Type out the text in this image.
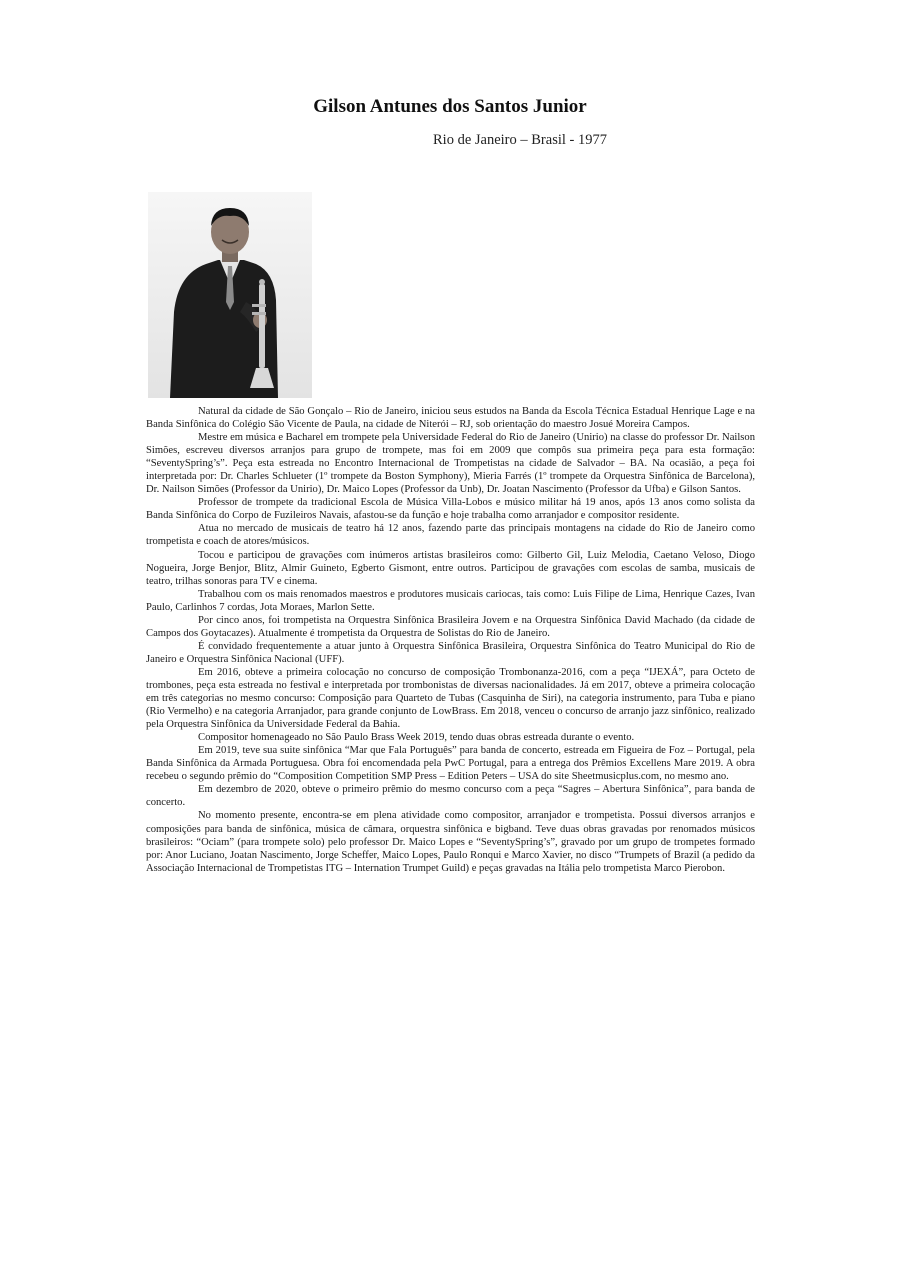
Gilson Antunes dos Santos Junior
Rio de Janeiro – Brasil - 1977

Natural da cidade de São Gonçalo – Rio de Janeiro, iniciou seus estudos na Banda da Escola Técnica Estadual Henrique Lage e na Banda Sinfônica do Colégio São Vicente de Paula, na cidade de Niterói – RJ, sob orientação do maestro Josué Moreira Campos.

Mestre em música e Bacharel em trompete pela Universidade Federal do Rio de Janeiro (Unirio) na classe do professor Dr. Nailson Simões, escreveu diversos arranjos para grupo de trompete, mas foi em 2009 que compôs sua primeira peça para esta formação: “SeventySpring’s”. Peça esta estreada no Encontro Internacional de Trompetistas na cidade de Salvador – BA. Na ocasião, a peça foi interpretada por: Dr. Charles Schlueter (1º trompete da Boston Symphony), Mieria Farrés (1º trompete da Orquestra Sinfônica de Barcelona), Dr. Nailson Simões (Professor da Unirio), Dr. Maico Lopes (Professor da Unb), Dr. Joatan Nascimento (Professor da Ufba) e Gilson Santos.

Professor de trompete da tradicional Escola de Música Villa-Lobos e músico militar há 19 anos, após 13 anos como solista da Banda Sinfônica do Corpo de Fuzileiros Navais, afastou-se da função e hoje trabalha como arranjador e compositor residente.

Atua no mercado de musicais de teatro há 12 anos, fazendo parte das principais montagens na cidade do Rio de Janeiro como trompetista e coach de atores/músicos.

Tocou e participou de gravações com inúmeros artistas brasileiros como: Gilberto Gil, Luiz Melodia, Caetano Veloso, Diogo Nogueira, Jorge Benjor, Blitz, Almir Guineto, Egberto Gismont, entre outros. Participou de gravações com escolas de samba, musicais de teatro, trilhas sonoras para TV e cinema.

Trabalhou com os mais renomados maestros e produtores musicais cariocas, tais como: Luis Filipe de Lima, Henrique Cazes, Ivan Paulo, Carlinhos 7 cordas, Jota Moraes, Marlon Sette.

Por cinco anos, foi trompetista na Orquestra Sinfônica Brasileira Jovem e na Orquestra Sinfônica David Machado (da cidade de Campos dos Goytacazes). Atualmente é trompetista da Orquestra de Solistas do Rio de Janeiro.

É convidado frequentemente a atuar junto à Orquestra Sinfônica Brasileira, Orquestra Sinfônica do Teatro Municipal do Rio de Janeiro e Orquestra Sinfônica Nacional (UFF).

Em 2016, obteve a primeira colocação no concurso de composição Trombonanza-2016, com a peça “IJEXÁ”, para Octeto de trombones, peça esta estreada no festival e interpretada por trombonistas de diversas nacionalidades. Já em 2017, obteve a primeira colocação em três categorias no mesmo concurso: Composição para Quarteto de Tubas (Casquinha de Siri), na categoria instrumento, para Tuba e piano (Rio Vermelho) e na categoria Arranjador, para grande conjunto de LowBrass. Em 2018, venceu o concurso de arranjo jazz sinfônico, realizado pela Orquestra Sinfônica da Universidade Federal da Bahia.

Compositor homenageado no São Paulo Brass Week 2019, tendo duas obras estreada durante o evento.

Em 2019, teve sua suite sinfônica “Mar que Fala Português” para banda de concerto, estreada em Figueira de Foz – Portugal, pela Banda Sinfônica da Armada Portuguesa. Obra foi encomendada pela PwC Portugal, para a entrega dos Prêmios Excellens Mare 2019. A obra recebeu o segundo prêmio do “Composition Competition SMP Press – Edition Peters – USA do site Sheetmusicplus.com, no mesmo ano.

Em dezembro de 2020, obteve o primeiro prêmio do mesmo concurso com a peça “Sagres – Abertura Sinfônica”, para banda de concerto.

No momento presente, encontra-se em plena atividade como compositor, arranjador e trompetista. Possui diversos arranjos e composições para banda de sinfônica, música de câmara, orquestra sinfônica e bigband. Teve duas obras gravadas por renomados músicos brasileiros: “Ociam” (para trompete solo) pelo professor Dr. Maico Lopes e “SeventySpring’s”, gravado por um grupo de trompetes formado por: Anor Luciano, Joatan Nascimento, Jorge Scheffer, Maico Lopes, Paulo Ronqui e Marco Xavier, no disco “Trumpets of Brazil (a pedido da Associação Internacional de Trompetistas ITG – Internation Trumpet Guild) e peças gravadas na Itália pelo trompetista Marco Pierobon.
